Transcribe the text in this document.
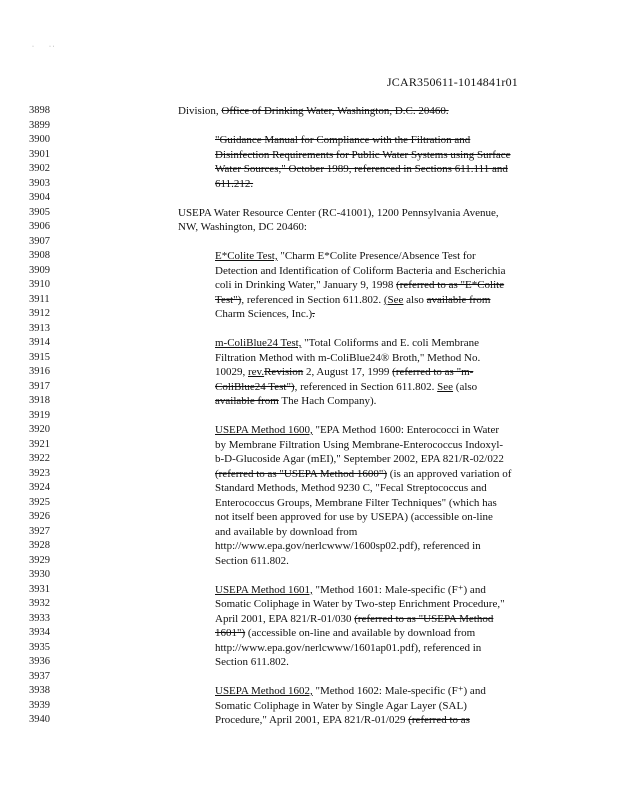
·          · ·
JCAR350611-1014841r01
3898	Division, Office of Drinking Water, Washington, D.C. 20460.
3899
3900	"Guidance Manual for Compliance with the Filtration and
3901	Disinfection Requirements for Public Water Systems using Surface
3902	Water Sources," October 1989, referenced in Sections 611.111 and
3903	611.212.
3904
3905	USEPA Water Resource Center (RC-41001), 1200 Pennsylvania Avenue,
3906	NW, Washington, DC 20460:
3907
3908	E*Colite Test, "Charm E*Colite Presence/Absence Test for
3909	Detection and Identification of Coliform Bacteria and Escherichia
3910	coli in Drinking Water," January 9, 1998 (referred to as "E*Colite
3911	Test"), referenced in Section 611.802. (See also available from
3912	Charm Sciences, Inc.).
3913
3914	m-ColiBlue24 Test, "Total Coliforms and E. coli Membrane
3915	Filtration Method with m-ColiBlue24® Broth," Method No.
3916	10029, rev.Revision 2, August 17, 1999 (referred to as "m-
3917	ColiBlue24 Test"), referenced in Section 611.802. See (also
3918	available from The Hach Company).
3919
3920	USEPA Method 1600, "EPA Method 1600: Enterococci in Water
3921	by Membrane Filtration Using Membrane-Enterococcus Indoxyl-
3922	b-D-Glucoside Agar (mEI)," September 2002, EPA 821/R-02/022
3923	(referred to as "USEPA Method 1600") (is an approved variation of
3924	Standard Methods, Method 9230 C, "Fecal Streptococcus and
3925	Enterococcus Groups, Membrane Filter Techniques" (which has
3926	not itself been approved for use by USEPA) (accessible on-line
3927	and available by download from
3928	http://www.epa.gov/nerlcwww/1600sp02.pdf), referenced in
3929	Section 611.802.
3930
3931	USEPA Method 1601, "Method 1601: Male-specific (F⁺) and
3932	Somatic Coliphage in Water by Two-step Enrichment Procedure,"
3933	April 2001, EPA 821/R-01/030 (referred to as "USEPA Method
3934	1601") (accessible on-line and available by download from
3935	http://www.epa.gov/nerlcwww/1601ap01.pdf), referenced in
3936	Section 611.802.
3937
3938	USEPA Method 1602, "Method 1602: Male-specific (F⁺) and
3939	Somatic Coliphage in Water by Single Agar Layer (SAL)
3940	Procedure," April 2001, EPA 821/R-01/029 (referred to as
